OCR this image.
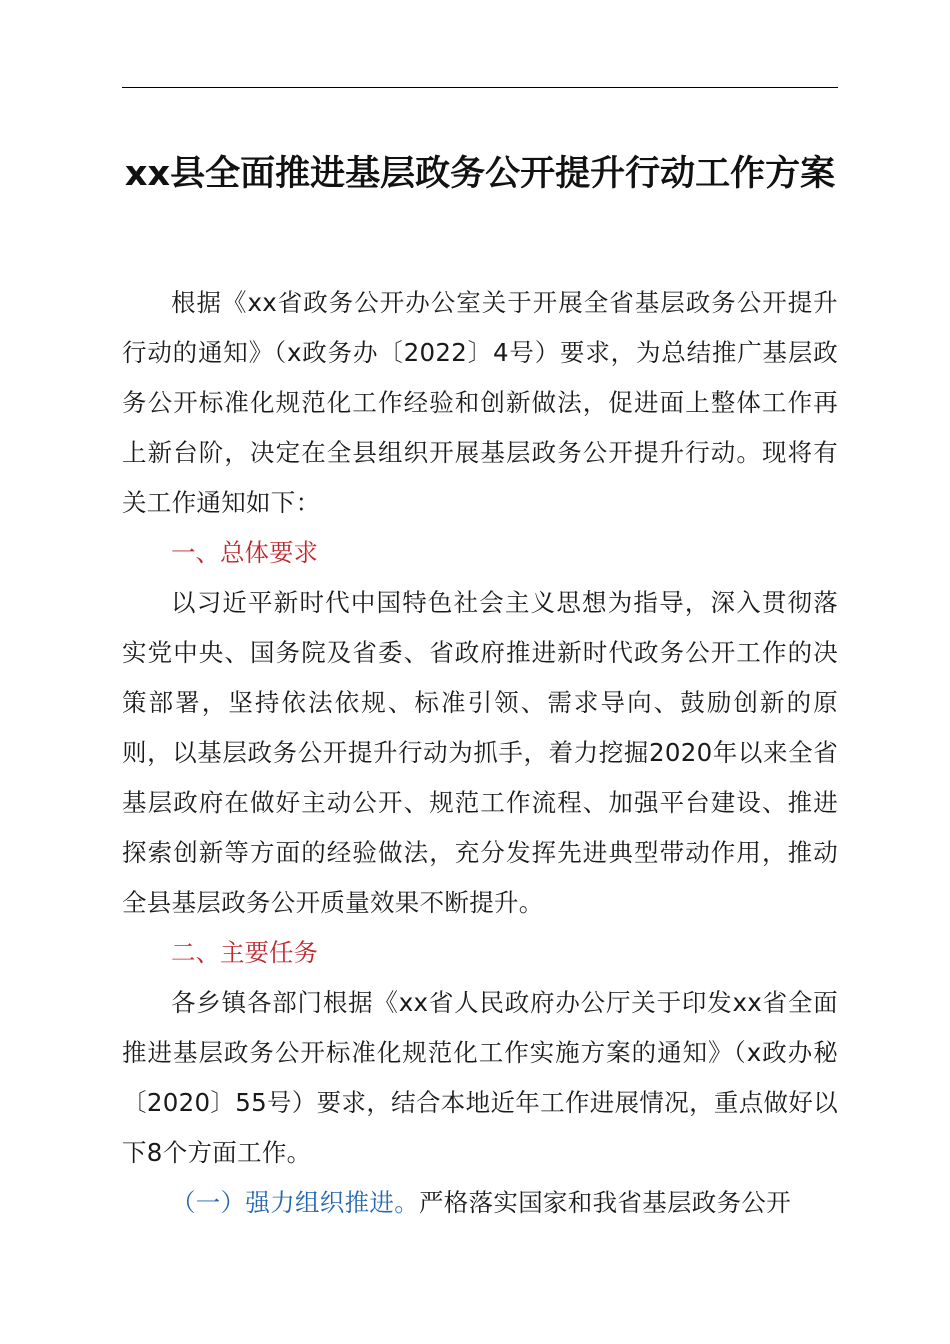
xx县全面推进基层政务公开提升行动工作方案

根据《xx省政务公开办公室关于开展全省基层政务公开提升行动的通知》（x政务办〔2022〕4号）要求，为总结推广基层政务公开标准化规范化工作经验和创新做法，促进面上整体工作再上新台阶，决定在全县组织开展基层政务公开提升行动。现将有关工作通知如下：

一、总体要求

以习近平新时代中国特色社会主义思想为指导，深入贯彻落实党中央、国务院及省委、省政府推进新时代政务公开工作的决策部署，坚持依法依规、标准引领、需求导向、鼓励创新的原则，以基层政务公开提升行动为抓手，着力挖掘2020年以来全省基层政府在做好主动公开、规范工作流程、加强平台建设、推进探索创新等方面的经验做法，充分发挥先进典型带动作用，推动全县基层政务公开质量效果不断提升。

二、主要任务

各乡镇各部门根据《xx省人民政府办公厅关于印发xx省全面推进基层政务公开标准化规范化工作实施方案的通知》（x政办秘〔2020〕55号）要求，结合本地近年工作进展情况，重点做好以下8个方面工作。

（一）强力组织推进。严格落实国家和我省基层政务公开
